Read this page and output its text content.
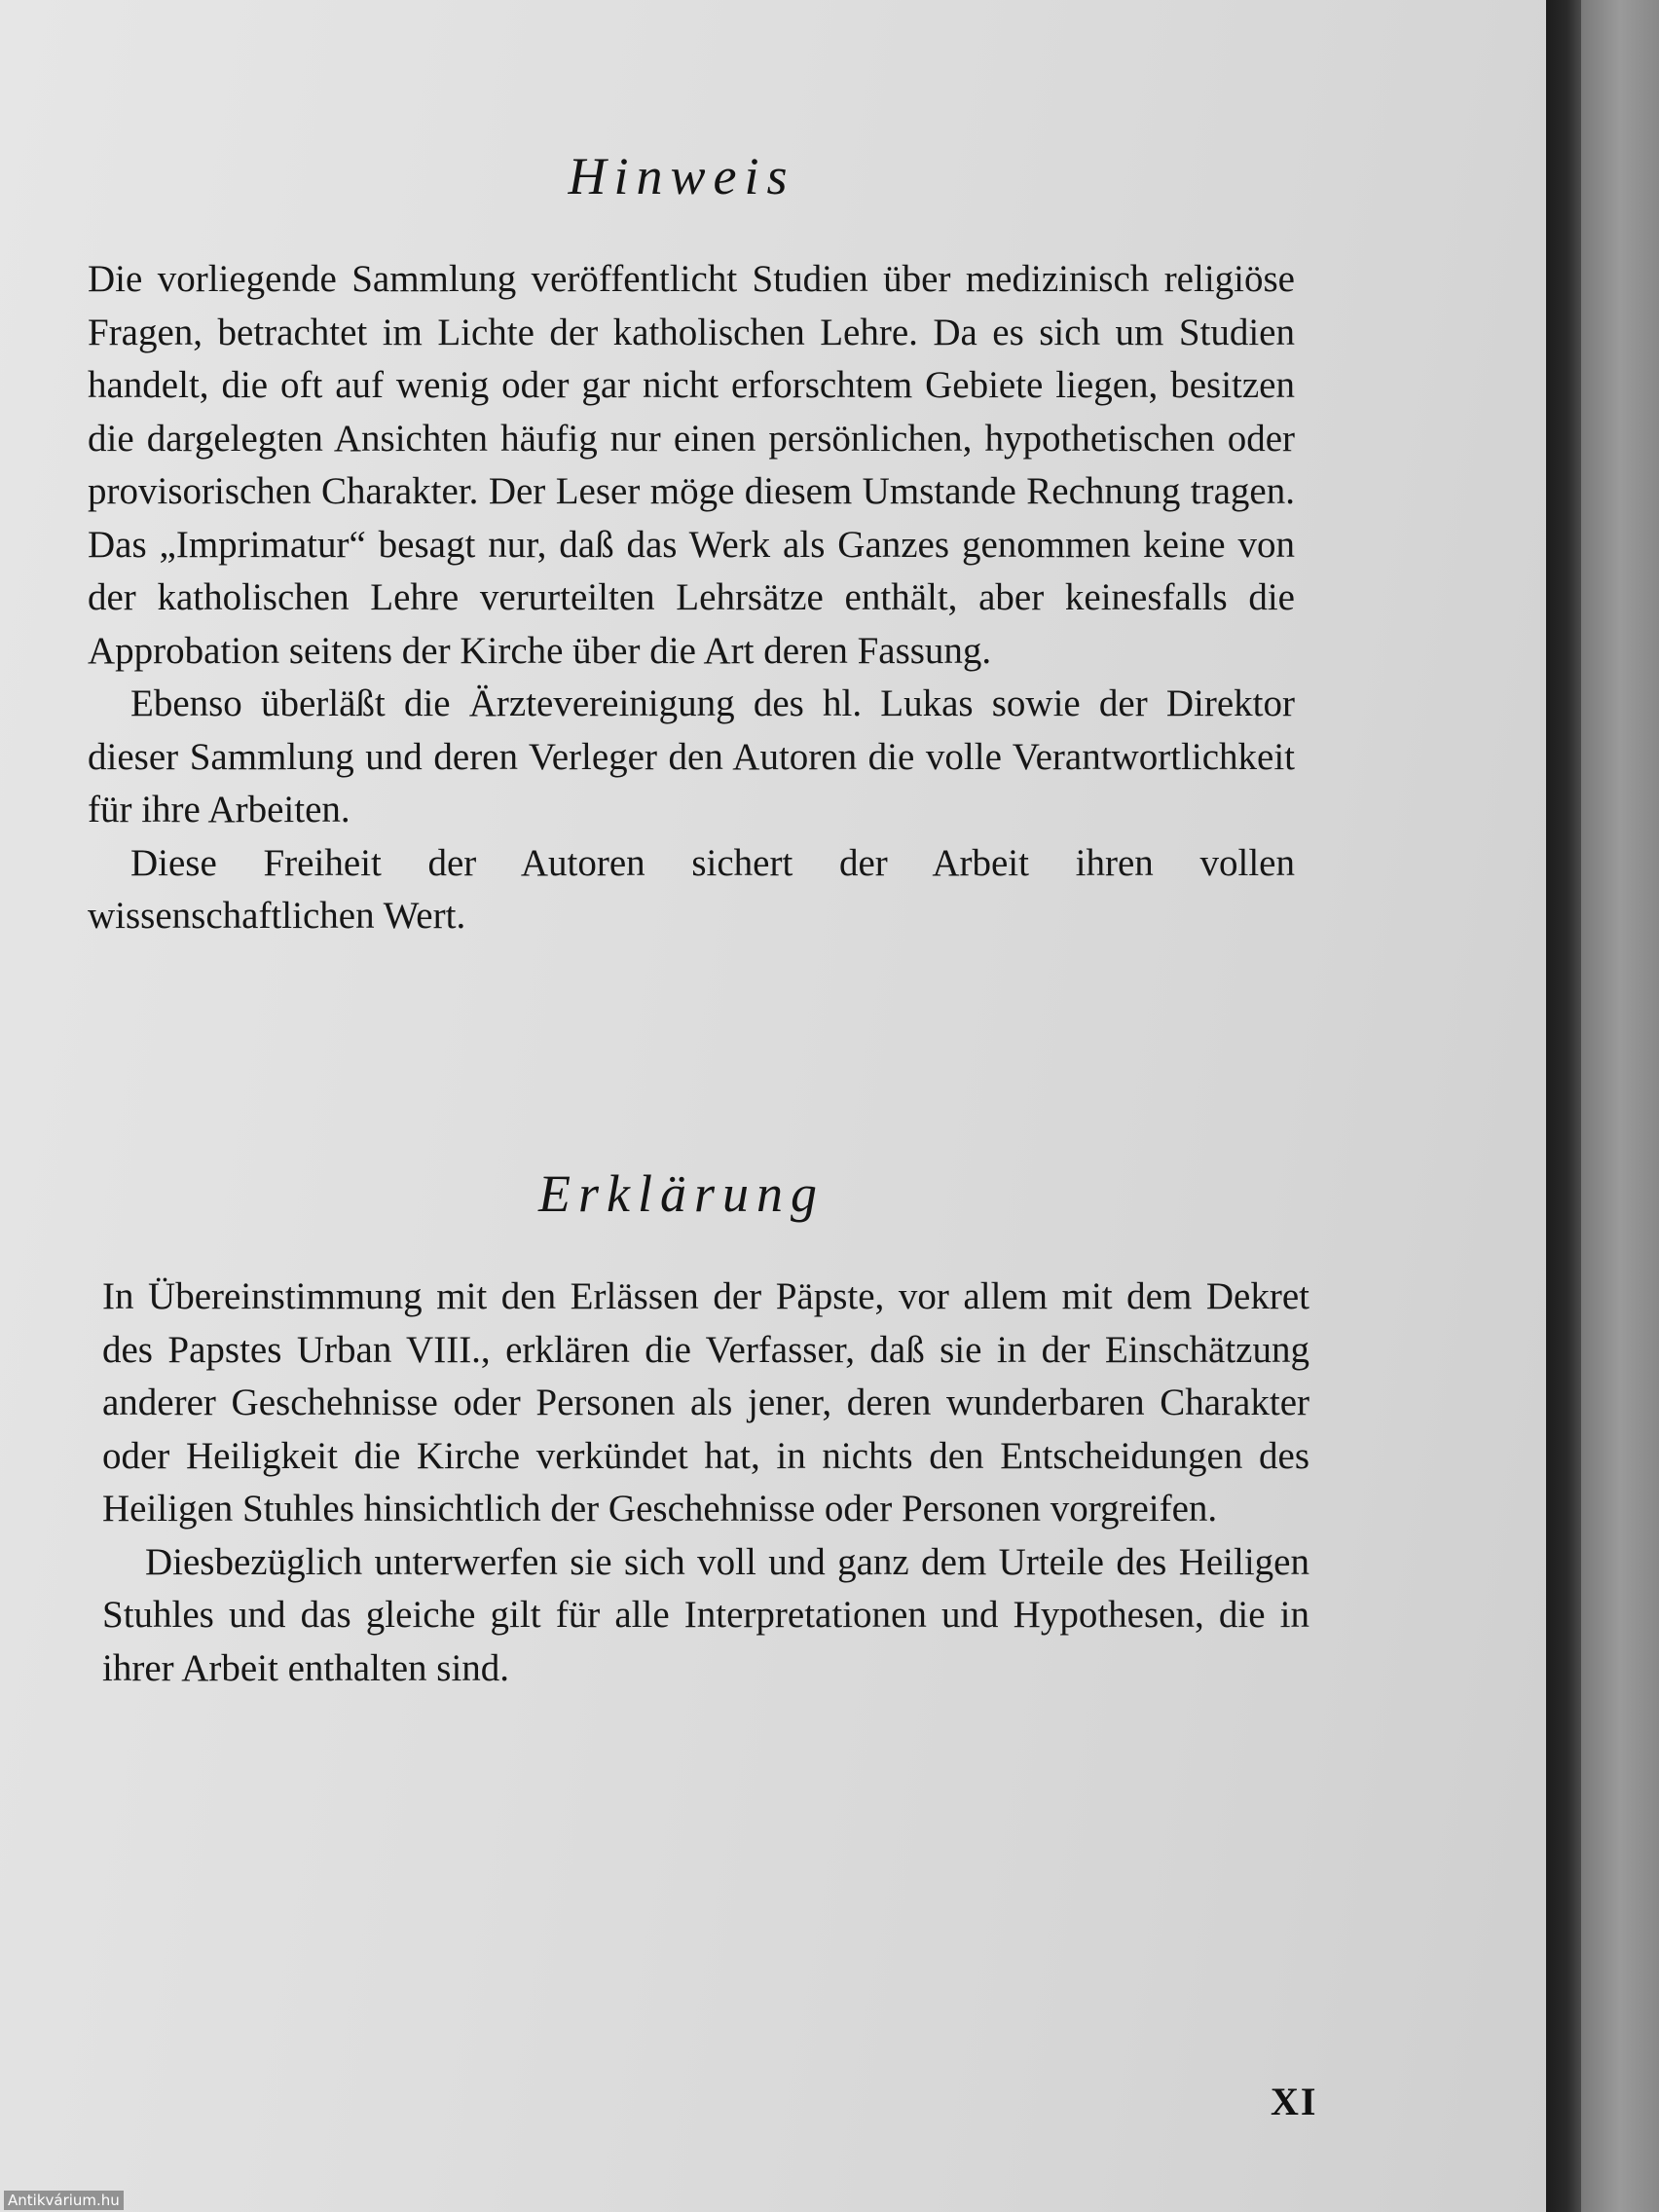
Hinweis

Die vorliegende Sammlung veröffentlicht Studien über medizinisch religiöse Fragen, betrachtet im Lichte der katholischen Lehre. Da es sich um Studien handelt, die oft auf wenig oder gar nicht erforschtem Gebiete liegen, besitzen die dargelegten Ansichten häufig nur einen persönlichen, hypothetischen oder provisorischen Charakter. Der Leser möge diesem Umstande Rechnung tragen. Das „Imprimatur“ besagt nur, daß das Werk als Ganzes genommen keine von der katholischen Lehre verurteilten Lehrsätze enthält, aber keinesfalls die Approbation seitens der Kirche über die Art deren Fassung.

Ebenso überläßt die Ärztevereinigung des hl. Lukas sowie der Direktor dieser Sammlung und deren Verleger den Autoren die volle Verantwortlichkeit für ihre Arbeiten.

Diese Freiheit der Autoren sichert der Arbeit ihren vollen wissenschaftlichen Wert.

Erklärung

In Übereinstimmung mit den Erlässen der Päpste, vor allem mit dem Dekret des Papstes Urban VIII., erklären die Verfasser, daß sie in der Einschätzung anderer Geschehnisse oder Personen als jener, deren wunderbaren Charakter oder Heiligkeit die Kirche verkündet hat, in nichts den Entscheidungen des Heiligen Stuhles hinsichtlich der Geschehnisse oder Personen vorgreifen.

Diesbezüglich unterwerfen sie sich voll und ganz dem Urteile des Heiligen Stuhles und das gleiche gilt für alle Interpretationen und Hypothesen, die in ihrer Arbeit enthalten sind.

XI
Antikvárium.hu
